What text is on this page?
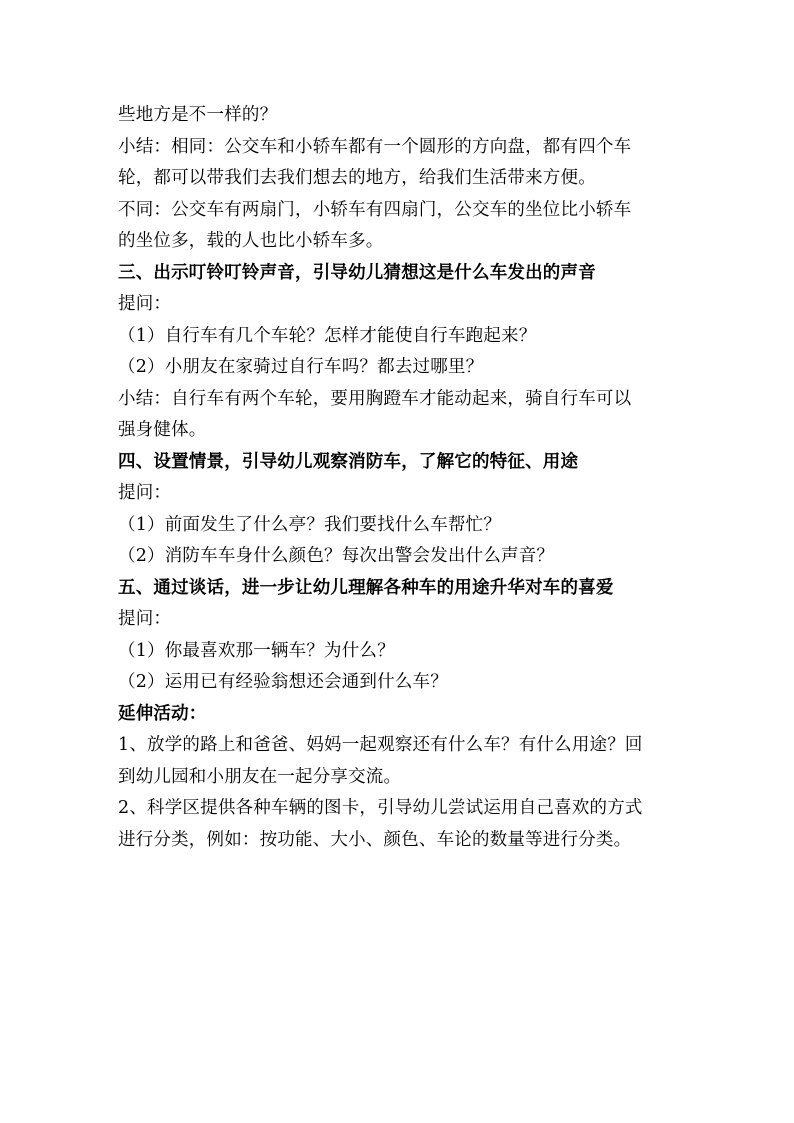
些地方是不一样的？
小结：相同：公交车和小轿车都有一个圆形的方向盘，都有四个车
轮，都可以带我们去我们想去的地方，给我们生活带来方便。
不同：公交车有两扇门，小轿车有四扇门，公交车的坐位比小轿车
的坐位多，载的人也比小轿车多。
三、出示叮铃叮铃声音，引导幼儿猜想这是什么车发出的声音
提问：
（1）自行车有几个车轮？怎样才能使自行车跑起来？
（2）小朋友在家骑过自行车吗？都去过哪里？
小结：自行车有两个车轮，要用胸蹬车才能动起来，骑自行车可以
强身健体。
四、设置情景，引导幼儿观察消防车，了解它的特征、用途
提问：
（1）前面发生了什么亭？我们要找什么车帮忙？
（2）消防车车身什么颜色？每次出警会发出什么声音？
五、通过谈话，进一步让幼儿理解各种车的用途升华对车的喜爱
提问：
（1）你最喜欢那一辆车？为什么？
（2）运用已有经验翁想还会通到什么车？
延伸活动：
1、放学的路上和爸爸、妈妈一起观察还有什么车？有什么用途？回
到幼儿园和小朋友在一起分享交流。
2、科学区提供各种车辆的图卡，引导幼儿尝试运用自己喜欢的方式
进行分类，例如：按功能、大小、颜色、车论的数量等进行分类。
